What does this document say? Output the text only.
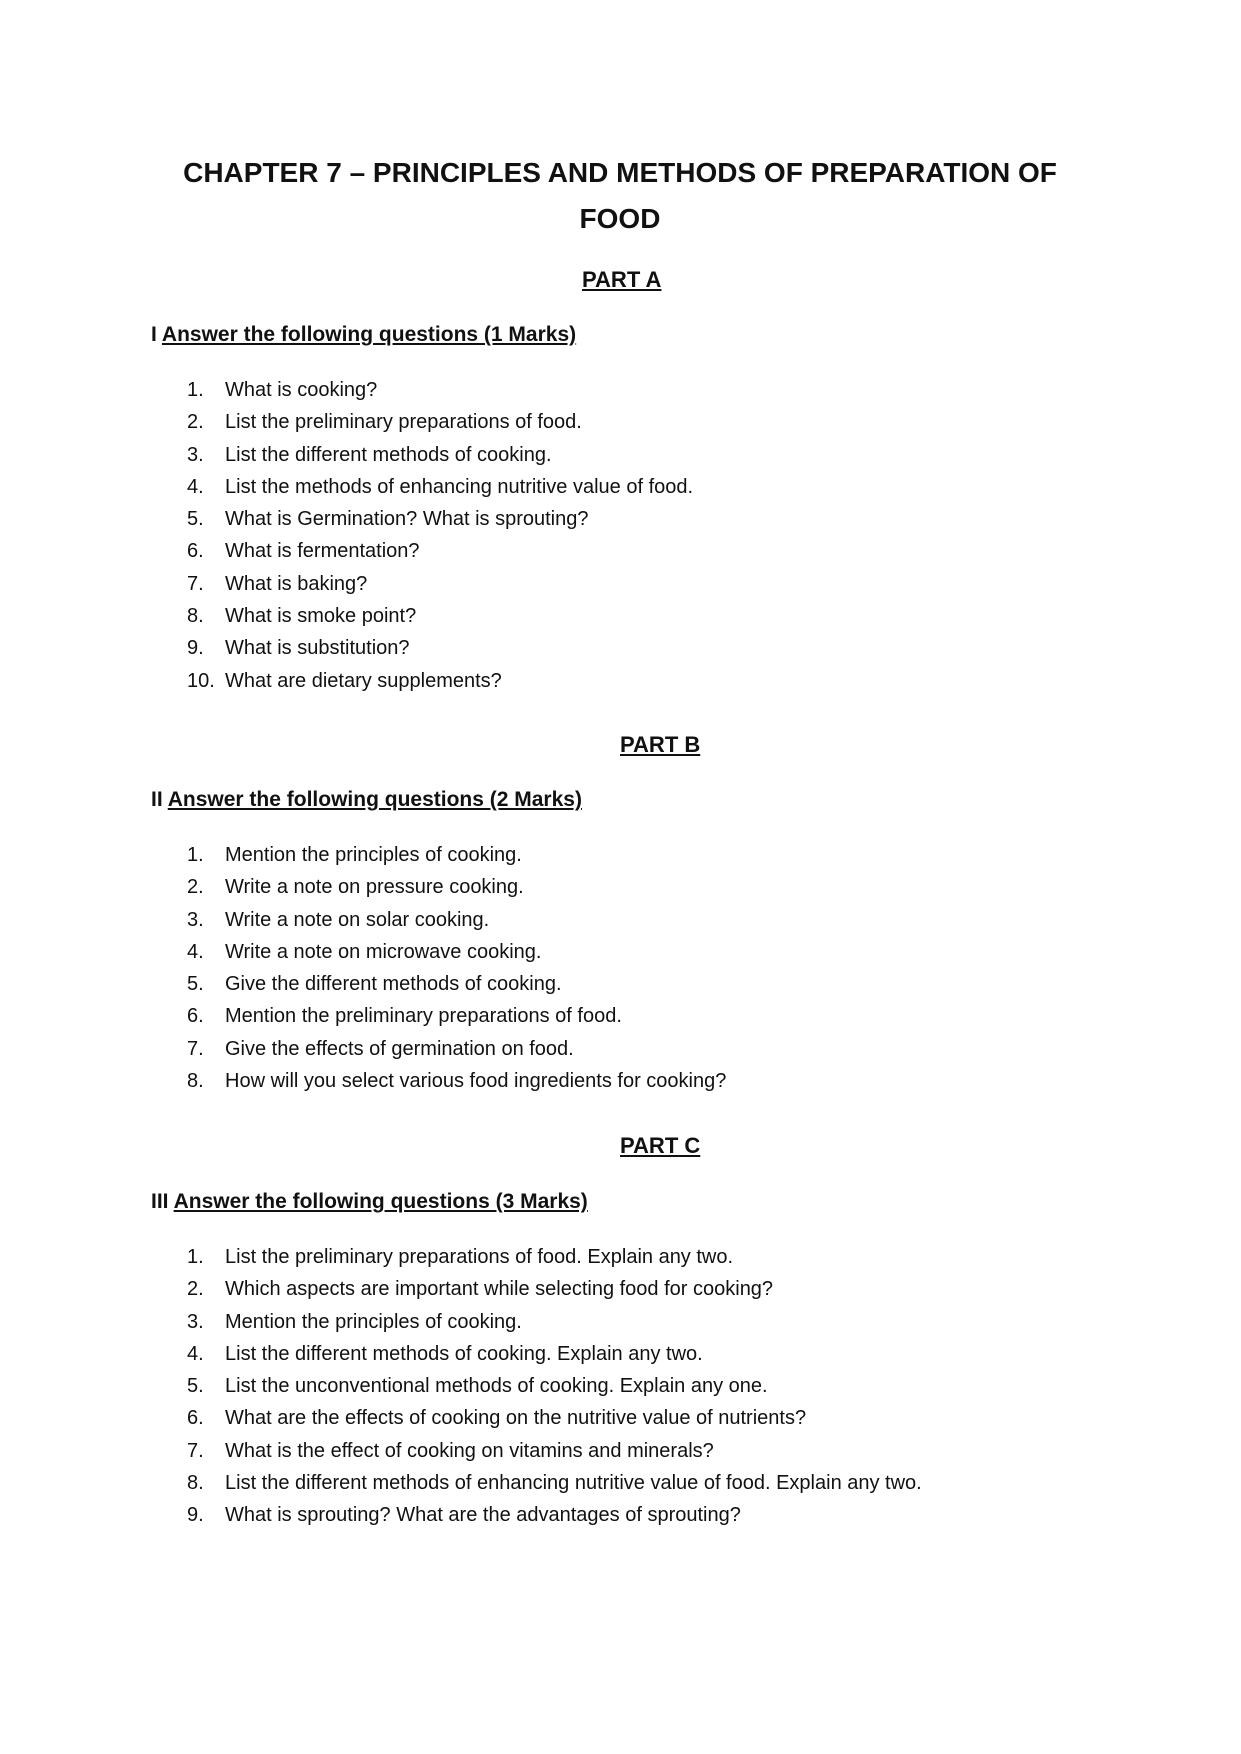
CHAPTER 7 – PRINCIPLES AND METHODS OF PREPARATION OF FOOD
PART A
I Answer the following questions (1 Marks)
1.	What is cooking?
2.	List the preliminary preparations of food.
3.	List the different methods of cooking.
4.	List the methods of enhancing nutritive value of food.
5.	What is Germination? What is sprouting?
6.	What is fermentation?
7.	What is baking?
8.	What is smoke point?
9.	What is substitution?
10. What are dietary supplements?
PART B
II Answer the following questions (2 Marks)
1.	Mention the principles of cooking.
2.	Write a note on pressure cooking.
3.	Write a note on solar cooking.
4.	Write a note on microwave cooking.
5.	Give the different methods of cooking.
6.	Mention the preliminary preparations of food.
7.	Give the effects of germination on food.
8.	How will you select various food ingredients for cooking?
PART C
III Answer the following questions (3 Marks)
1.	List the preliminary preparations of food. Explain any two.
2.	Which aspects are important while selecting food for cooking?
3.	Mention the principles of cooking.
4.	List the different methods of cooking. Explain any two.
5.	List the unconventional methods of cooking. Explain any one.
6.	What are the effects of cooking on the nutritive value of nutrients?
7.	What is the effect of cooking on vitamins and minerals?
8.	List the different methods of enhancing nutritive value of food. Explain any two.
9.	What is sprouting? What are the advantages of sprouting?
